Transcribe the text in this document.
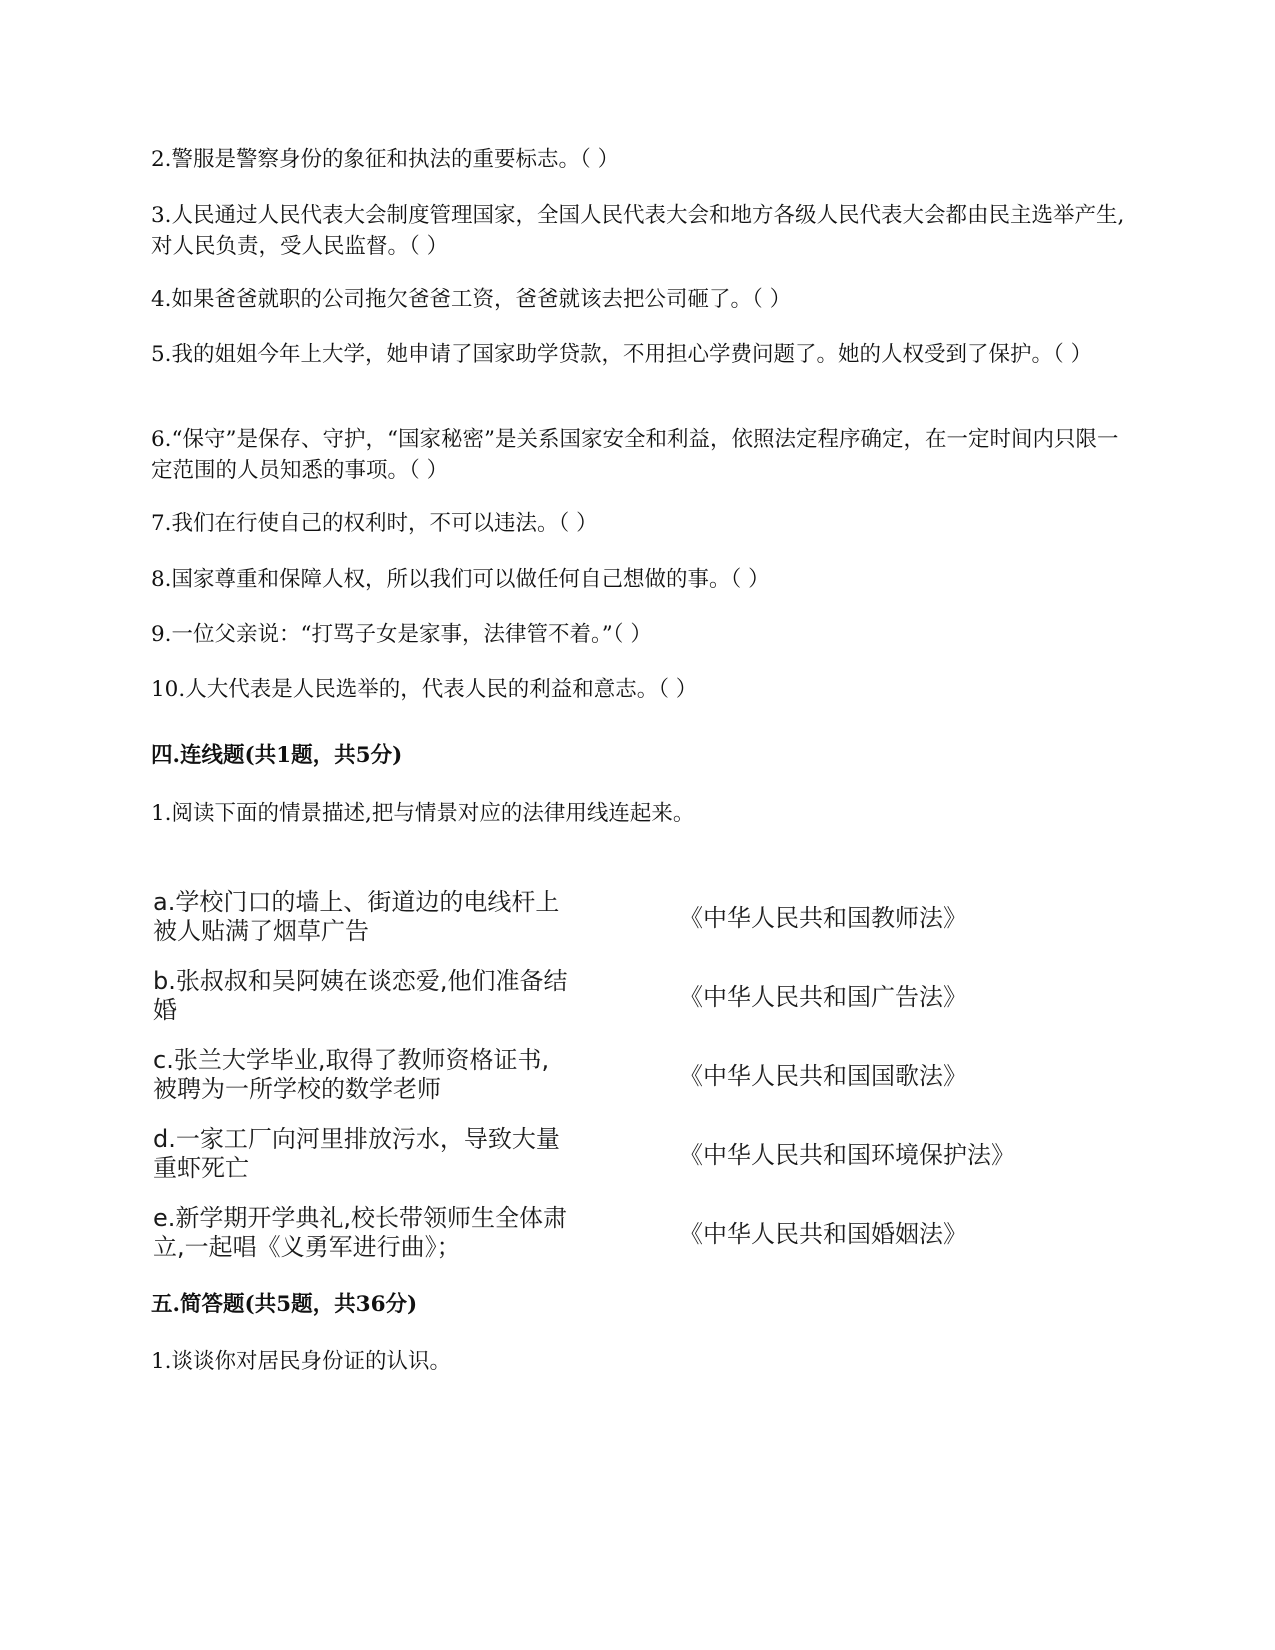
2.警服是警察身份的象征和执法的重要标志。（ ）

3.人民通过人民代表大会制度管理国家，全国人民代表大会和地方各级人民代表大会都由民主选举产生,对人民负责，受人民监督。（ ）

4.如果爸爸就职的公司拖欠爸爸工资，爸爸就该去把公司砸了。（ ）

5.我的姐姐今年上大学，她申请了国家助学贷款，不用担心学费问题了。她的人权受到了保护。（ ）

6.“保守”是保存、守护，“国家秘密”是关系国家安全和利益，依照法定程序确定，在一定时间内只限一定范围的人员知悉的事项。（ ）

7.我们在行使自己的权利时，不可以违法。（ ）

8.国家尊重和保障人权，所以我们可以做任何自己想做的事。（ ）

9.一位父亲说：“打骂子女是家事，法律管不着。”（ ）

10.人大代表是人民选举的，代表人民的利益和意志。（ ）

四.连线题(共1题，共5分)

1.阅读下面的情景描述,把与情景对应的法律用线连起来。

a.学校门口的墙上、街道边的电线杆上被人贴满了烟草广告
b.张叔叔和吴阿姨在谈恋爱,他们准备结婚
c.张兰大学毕业,取得了教师资格证书,被聘为一所学校的数学老师
d.一家工厂向河里排放污水，导致大量重虾死亡
e.新学期开学典礼,校长带领师生全体肃立,一起唱《义勇军进行曲》；
《中华人民共和国教师法》
《中华人民共和国广告法》
《中华人民共和国国歌法》
《中华人民共和国环境保护法》
《中华人民共和国婚姻法》

五.简答题(共5题，共36分)

1.谈谈你对居民身份证的认识。
